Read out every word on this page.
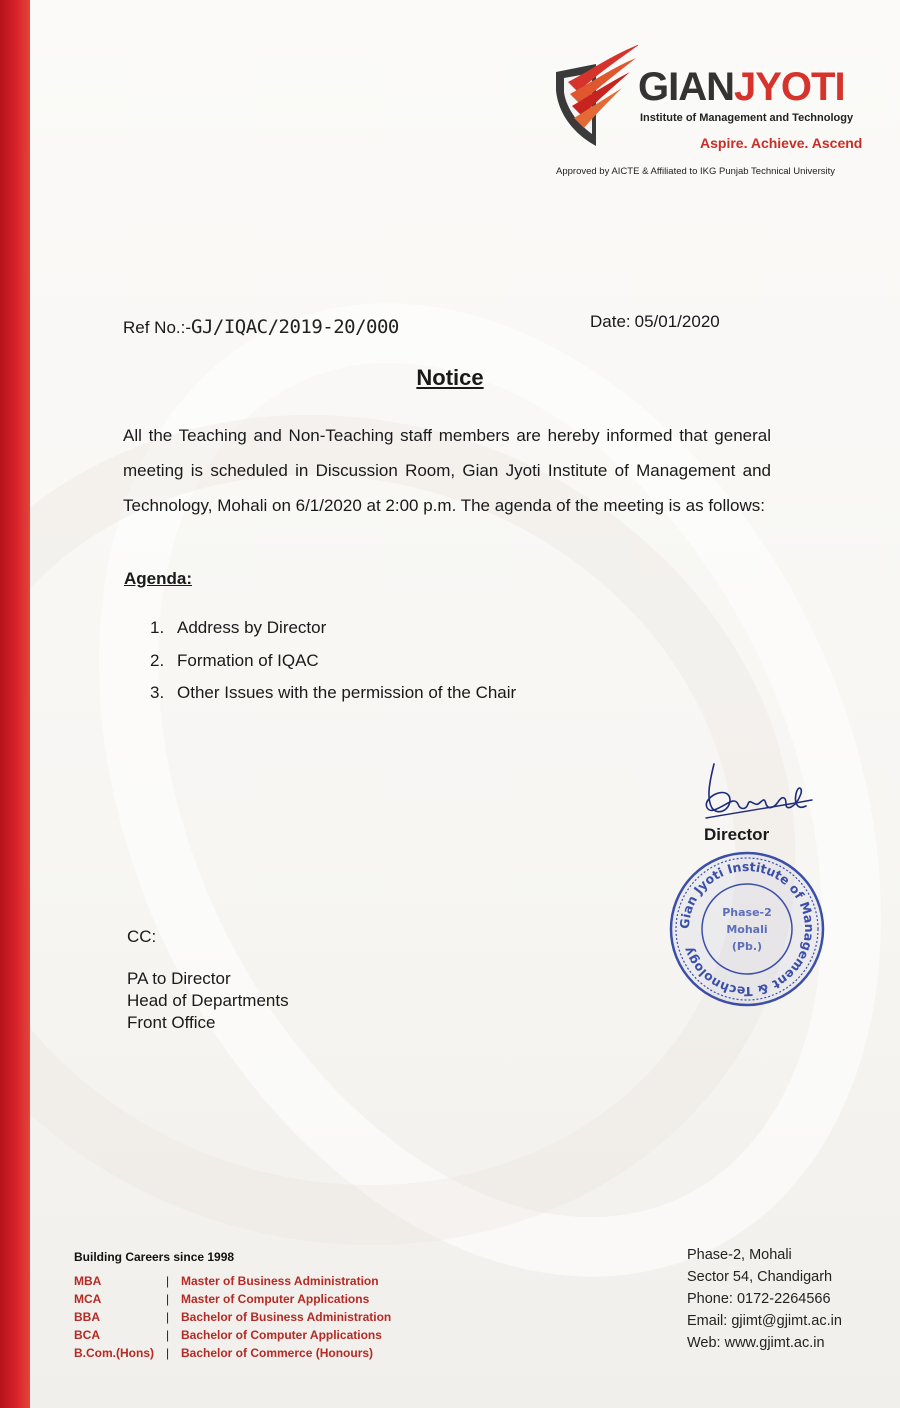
GIANJYOTI
Institute of Management and Technology
Aspire. Achieve. Ascend
Approved by AICTE & Affiliated to IKG Punjab Technical University
Ref No.:-GJ/IQAC/2019-20/000	Date: 05/01/2020
Notice
All the Teaching and Non-Teaching staff members are hereby informed that general meeting is scheduled in Discussion Room, Gian Jyoti Institute of Management and Technology, Mohali on 6/1/2020 at 2:00 p.m. The agenda of the meeting is as follows:
Agenda:
1. Address by Director
2. Formation of IQAC
3. Other Issues with the permission of the Chair
Director
Gian Jyoti Institute of Management & Technology
Phase-2
Mohali
(Pb.)
CC:
PA to Director
Head of Departments
Front Office
Building Careers since 1998
MBA	| Master of Business Administration
MCA	| Master of Computer Applications
BBA	| Bachelor of Business Administration
BCA	| Bachelor of Computer Applications
B.Com.(Hons)	| Bachelor of Commerce (Honours)
Phase-2, Mohali
Sector 54, Chandigarh
Phone: 0172-2264566
Email: gjimt@gjimt.ac.in
Web: www.gjimt.ac.in
